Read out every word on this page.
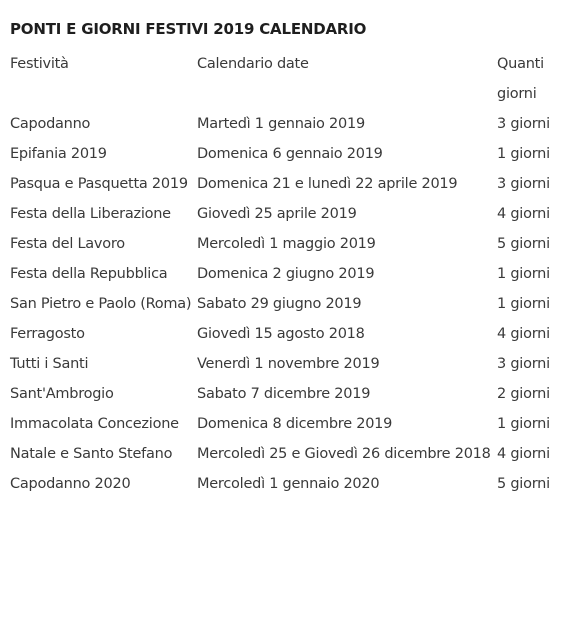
PONTI E GIORNI FESTIVI 2019 CALENDARIO
Festività	Calendario date	Quanti giorni
Capodanno	Martedì 1 gennaio 2019	3 giorni
Epifania 2019	Domenica 6 gennaio 2019	1 giorni
Pasqua e Pasquetta 2019	Domenica 21 e lunedì 22 aprile 2019	3 giorni
Festa della Liberazione	Giovedì 25 aprile 2019	4 giorni
Festa del Lavoro	Mercoledì 1 maggio 2019	5 giorni
Festa della Repubblica	Domenica 2 giugno 2019	1 giorni
San Pietro e Paolo (Roma)	Sabato 29 giugno 2019	1 giorni
Ferragosto	Giovedì 15 agosto 2018	4 giorni
Tutti i Santi	Venerdì 1 novembre 2019	3 giorni
Sant'Ambrogio	Sabato 7 dicembre 2019	2 giorni
Immacolata Concezione	Domenica 8 dicembre 2019	1 giorni
Natale e Santo Stefano	Mercoledì 25 e Giovedì 26 dicembre 2018	4 giorni
Capodanno 2020	Mercoledì 1 gennaio 2020	5 giorni
